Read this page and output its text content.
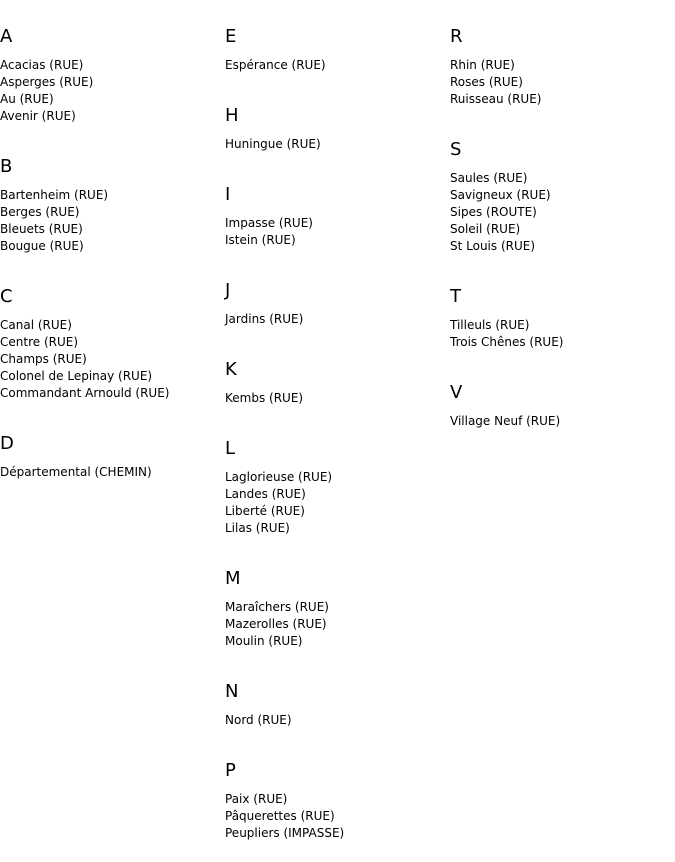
A
Acacias (RUE)
Asperges (RUE)
Au (RUE)
Avenir (RUE)
B
Bartenheim (RUE)
Berges (RUE)
Bleuets (RUE)
Bougue (RUE)
C
Canal (RUE)
Centre (RUE)
Champs (RUE)
Colonel de Lepinay (RUE)
Commandant Arnould (RUE)
D
Départemental (CHEMIN)
E
Espérance (RUE)
H
Huningue (RUE)
I
Impasse (RUE)
Istein (RUE)
J
Jardins (RUE)
K
Kembs (RUE)
L
Laglorieuse (RUE)
Landes (RUE)
Liberté (RUE)
Lilas (RUE)
M
Maraîchers (RUE)
Mazerolles (RUE)
Moulin (RUE)
N
Nord (RUE)
P
Paix (RUE)
Pâquerettes (RUE)
Peupliers (IMPASSE)
R
Rhin (RUE)
Roses (RUE)
Ruisseau (RUE)
S
Saules (RUE)
Savigneux (RUE)
Sipes (ROUTE)
Soleil (RUE)
St Louis (RUE)
T
Tilleuls (RUE)
Trois Chênes (RUE)
V
Village Neuf (RUE)
